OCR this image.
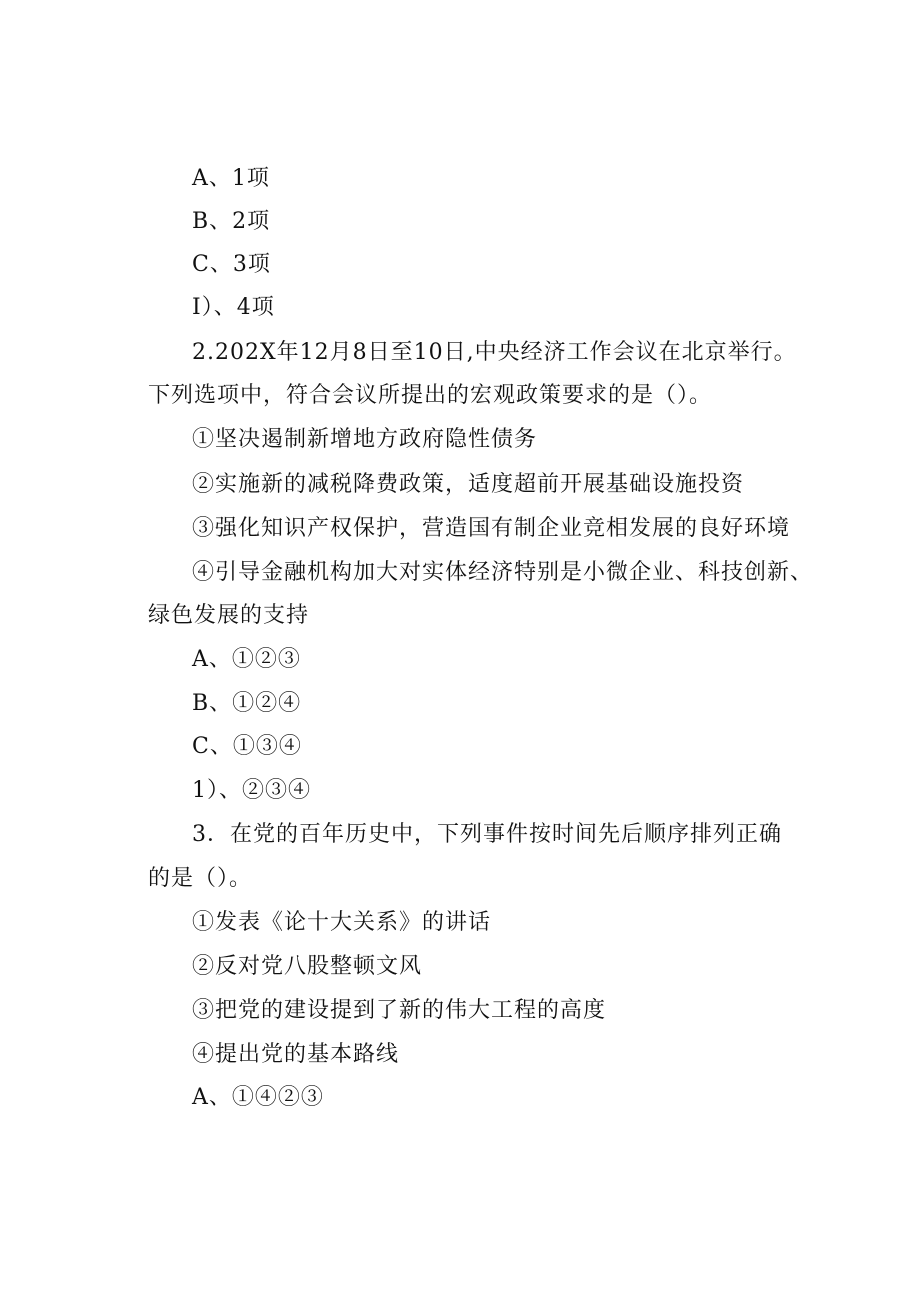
A、1项
B、2项
C、3项
I）、4项
2.202X年12月8日至10日,中央经济工作会议在北京举行。
下列选项中，符合会议所提出的宏观政策要求的是（）。
①坚决遏制新增地方政府隐性债务
②实施新的减税降费政策，适度超前开展基础设施投资
③强化知识产权保护，营造国有制企业竞相发展的良好环境
④引导金融机构加大对实体经济特别是小微企业、科技创新、
绿色发展的支持
A、①②③
B、①②④
C、①③④
1）、②③④
3．在党的百年历史中，下列事件按时间先后顺序排列正确
的是（）。
①发表《论十大关系》的讲话
②反对党八股整顿文风
③把党的建设提到了新的伟大工程的高度
④提出党的基本路线
A、①④②③
